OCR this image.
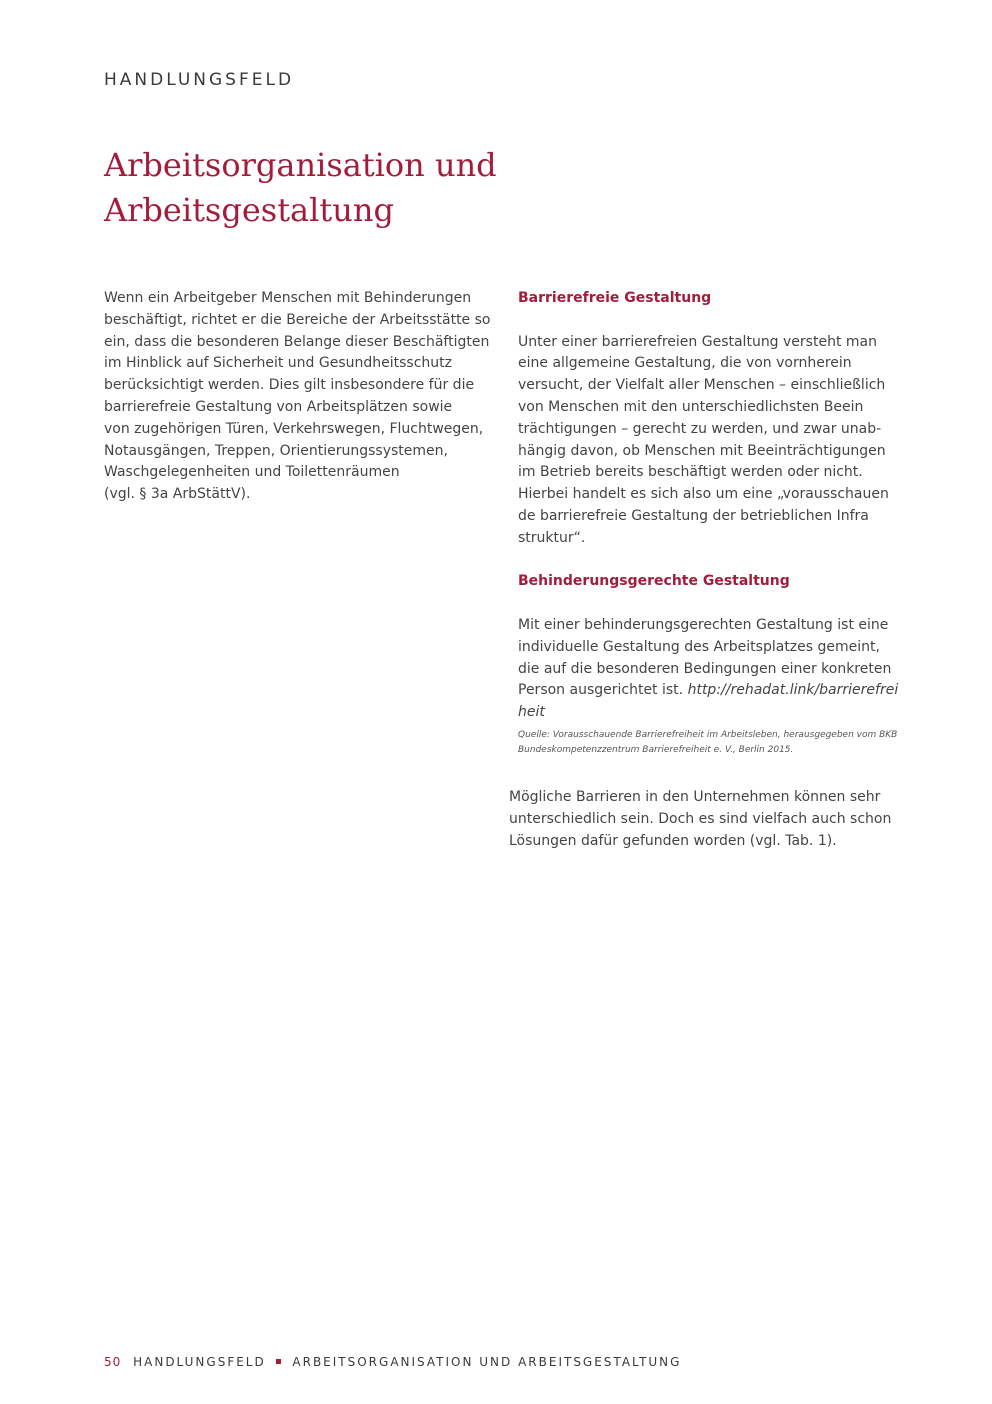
HANDLUNGSFELD
Arbeitsorganisation und
Arbeitsgestaltung
Wenn ein Arbeitgeber Menschen mit Behinderungen
beschäftigt, richtet er die Bereiche der Arbeitsstätte so
ein, dass die besonderen Belange dieser Beschäftigten
im Hinblick auf Sicherheit und Gesundheitsschutz
berücksichtigt werden. Dies gilt insbesondere für die
barrierefreie Gestaltung von Arbeitsplätzen sowie
von zugehörigen Türen, Verkehrswegen, Fluchtwegen,
Notausgängen, Treppen, Orientierungssystemen,
Waschgelegenheiten und Toilettenräumen
(vgl. § 3a ArbStättV).
Barrierefreie Gestaltung
Unter einer barrierefreien Gestaltung versteht man
eine allgemeine Gestaltung, die von vornherein
versucht, der Vielfalt aller Menschen – einschließlich
von Menschen mit den unterschiedlichsten Beein
trächtigungen – gerecht zu werden, und zwar unab-
hängig davon, ob Menschen mit Beeinträchtigungen
im Betrieb bereits beschäftigt werden oder nicht.
Hierbei handelt es sich also um eine „vorausschauen
de barrierefreie Gestaltung der betrieblichen Infra
struktur“.
Behinderungsgerechte Gestaltung
Mit einer behinderungsgerechten Gestaltung ist eine
individuelle Gestaltung des Arbeitsplatzes gemeint,
die auf die besonderen Bedingungen einer konkreten
Person ausgerichtet ist. http://rehadat.link/barrierefrei
heit
Quelle: Vorausschauende Barrierefreiheit im Arbeitsleben, herausgegeben vom BKB
Bundeskompetenzzentrum Barrierefreiheit e. V., Berlin 2015.
Mögliche Barrieren in den Unternehmen können sehr
unterschiedlich sein. Doch es sind vielfach auch schon
Lösungen dafür gefunden worden (vgl. Tab. 1).
50 HANDLUNGSFELD ARBEITSORGANISATION UND ARBEITSGESTALTUNG
